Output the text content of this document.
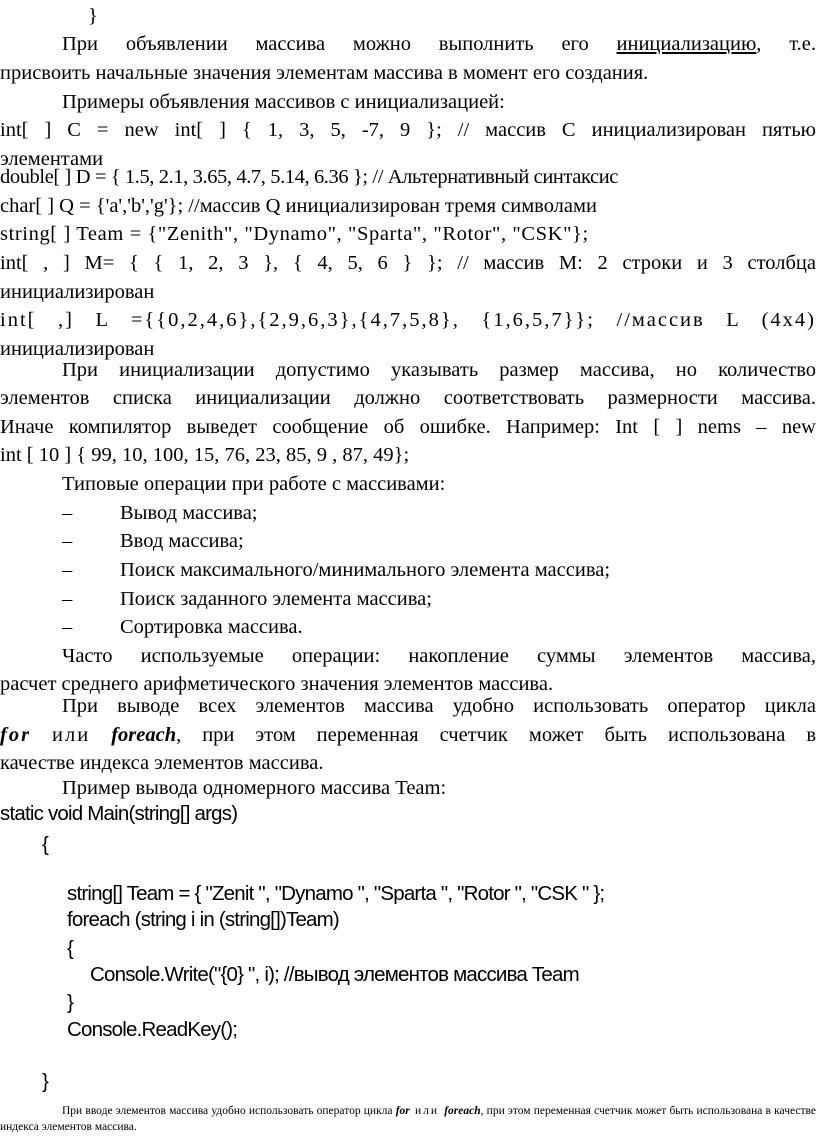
}
При объявлении массива можно выполнить его инициализацию, т.е.
присвоить начальные значения элементам массива в момент его создания.
Примеры объявления массивов с инициализацией:
int[ ] C = new int[ ] { 1, 3, 5, -7, 9 }; // массив C инициализирован пятью
элементами
double[ ] D = { 1.5, 2.1, 3.65, 4.7, 5.14, 6.36 }; // Альтернативный синтаксис
char[ ] Q = {'a','b','g'}; //массив Q инициализирован тремя символами
string[ ] Team = {"Zenith", "Dynamo", "Sparta", "Rotor", "CSK"};
int[ , ] M= { { 1, 2, 3 }, { 4, 5, 6 } }; // массив M: 2 строки и 3 столбца
инициализирован
int[ ,] L ={{0,2,4,6},{2,9,6,3},{4,7,5,8}, {1,6,5,7}}; //массив L (4х4)
инициализирован
При инициализации допустимо указывать размер массива, но количество
элементов списка инициализации должно соответствовать размерности массива.
Иначе компилятор выведет сообщение об ошибке. Например: Int [ ] nems – new
int [ 10 ] { 99, 10, 100, 15, 76, 23, 85, 9 , 87, 49};
Типовые операции при работе с массивами:
– Вывод массива;
– Ввод массива;
– Поиск максимального/минимального элемента массива;
– Поиск заданного элемента массива;
– Сортировка массива.
Часто используемые операции: накопление суммы элементов массива,
расчет среднего арифметического значения элементов массива.
При выводе всех элементов массива удобно использовать оператор цикла
for или foreach, при этом переменная счетчик может быть использована в
качестве индекса элементов массива.
Пример вывода одномерного массива Team:
static void Main(string[] args)
{
string[] Team = { "Zenit ", "Dynamo ", "Sparta ", "Rotor ", "CSK " };
foreach (string i in (string[])Team)
{
Console.Write("{0} ", i); //вывод элементов массива Team
}
Console.ReadKey();
}
При вводе элементов массива удобно использовать оператор цикла for или foreach, при этом переменная счетчик может быть использована в качестве индекса элементов массива.
